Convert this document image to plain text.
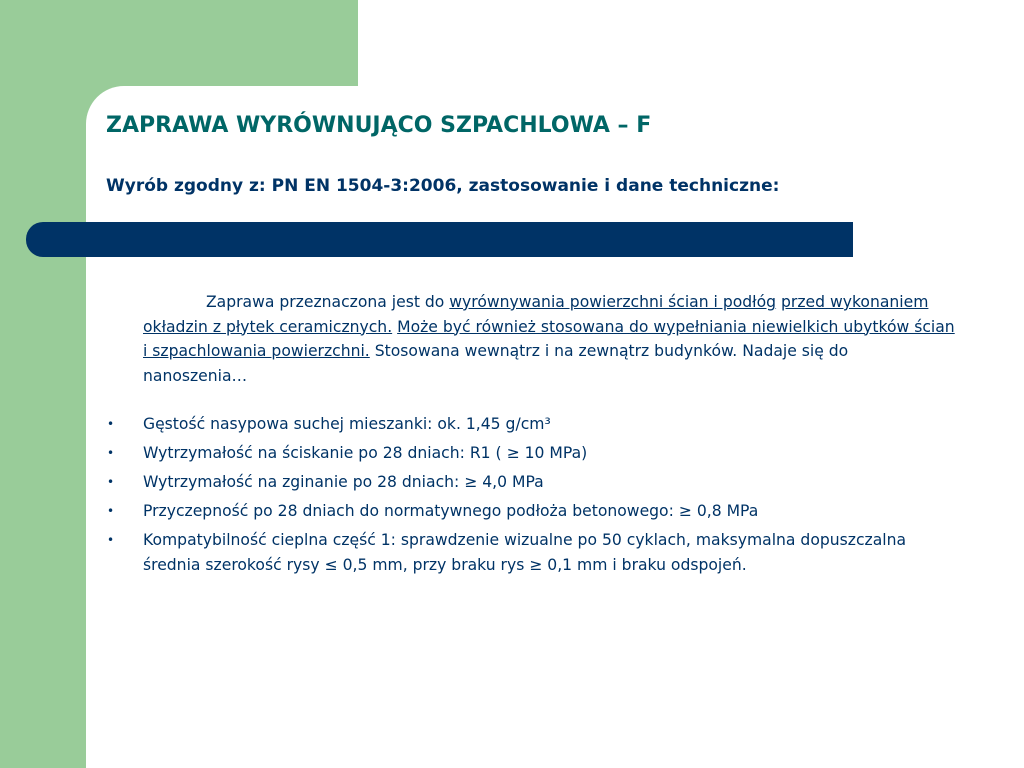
ZAPRAWA WYRÓWNUJĄCO SZPACHLOWA – F
Wyrób zgodny z: PN EN 1504-3:2006, zastosowanie i dane techniczne:

Zaprawa przeznaczona jest do wyrównywania powierzchni ścian i podłóg przed wykonaniem okładzin z płytek ceramicznych. Może być również stosowana do wypełniania niewielkich ubytków ścian i szpachlowania powierzchni. Stosowana wewnątrz i na zewnątrz budynków. Nadaje się do nanoszenia…

• Gęstość nasypowa suchej mieszanki: ok. 1,45 g/cm³
• Wytrzymałość na ściskanie po 28 dniach: R1 ( ≥ 10 MPa)
• Wytrzymałość na zginanie po 28 dniach: ≥ 4,0 MPa
• Przyczepność po 28 dniach do normatywnego podłoża betonowego: ≥ 0,8 MPa
• Kompatybilność cieplna część 1: sprawdzenie wizualne po 50 cyklach, maksymalna dopuszczalna średnia szerokość rysy ≤ 0,5 mm, przy braku rys ≥ 0,1 mm i braku odspojeń.
